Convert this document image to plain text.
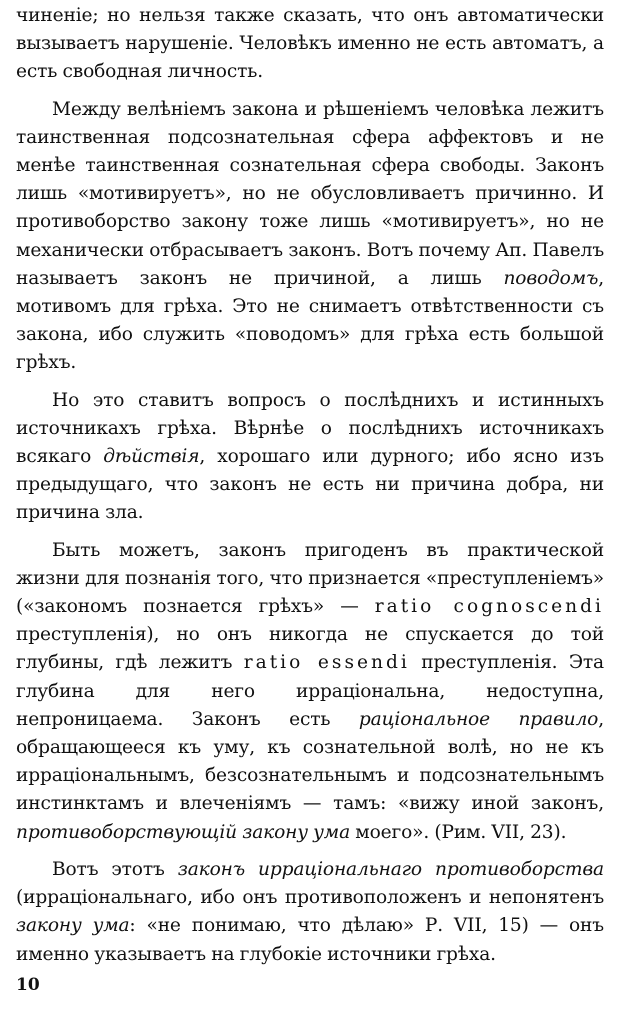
чиненіе; но нельзя также сказать, что онъ автоматически вызываетъ нарушеніе. Человѣкъ именно не есть автоматъ, а есть свободная личность.

Между велѣніемъ закона и рѣшеніемъ человѣка лежитъ таинственная подсознательная сфера аффектовъ и не менѣе таинственная сознательная сфера свободы. Законъ лишь «мотивируетъ», но не обусловливаетъ причинно. И противоборство закону тоже лишь «мотивируетъ», но не механически отбрасываетъ законъ. Вотъ почему Ап. Павелъ называетъ законъ не причиной, а лишь поводомъ, мотивомъ для грѣха. Это не снимаетъ отвѣтственности съ закона, ибо служить «поводомъ» для грѣха есть большой грѣхъ.

Но это ставитъ вопросъ о послѣднихъ и истинныхъ источникахъ грѣха. Вѣрнѣе о послѣднихъ источникахъ всякаго дѣйствія, хорошаго или дурного; ибо ясно изъ предыдущаго, что законъ не есть ни причина добра, ни причина зла.

Быть можетъ, законъ пригоденъ въ практической жизни для познанія того, что признается «преступленіемъ» («закономъ познается грѣхъ» — ratio cognoscendi преступленія), но онъ никогда не спускается до той глубины, гдѣ лежитъ ratio essendi преступленія. Эта глубина для него ирраціональна, недоступна, непроницаема. Законъ есть раціональное правило, обращающееся къ уму, къ сознательной волѣ, но не къ ирраціональнымъ, безсознательнымъ и подсознательнымъ инстинктамъ и влеченіямъ — тамъ: «вижу иной законъ, противоборствующій закону ума моего». (Рим. VII, 23).

Вотъ этотъ законъ ирраціональнаго противоборства (ирраціональнаго, ибо онъ противоположенъ и непонятенъ закону ума: «не понимаю, что дѣлаю» Р. VII, 15) — онъ именно указываетъ на глубокіе источники грѣха.

10
